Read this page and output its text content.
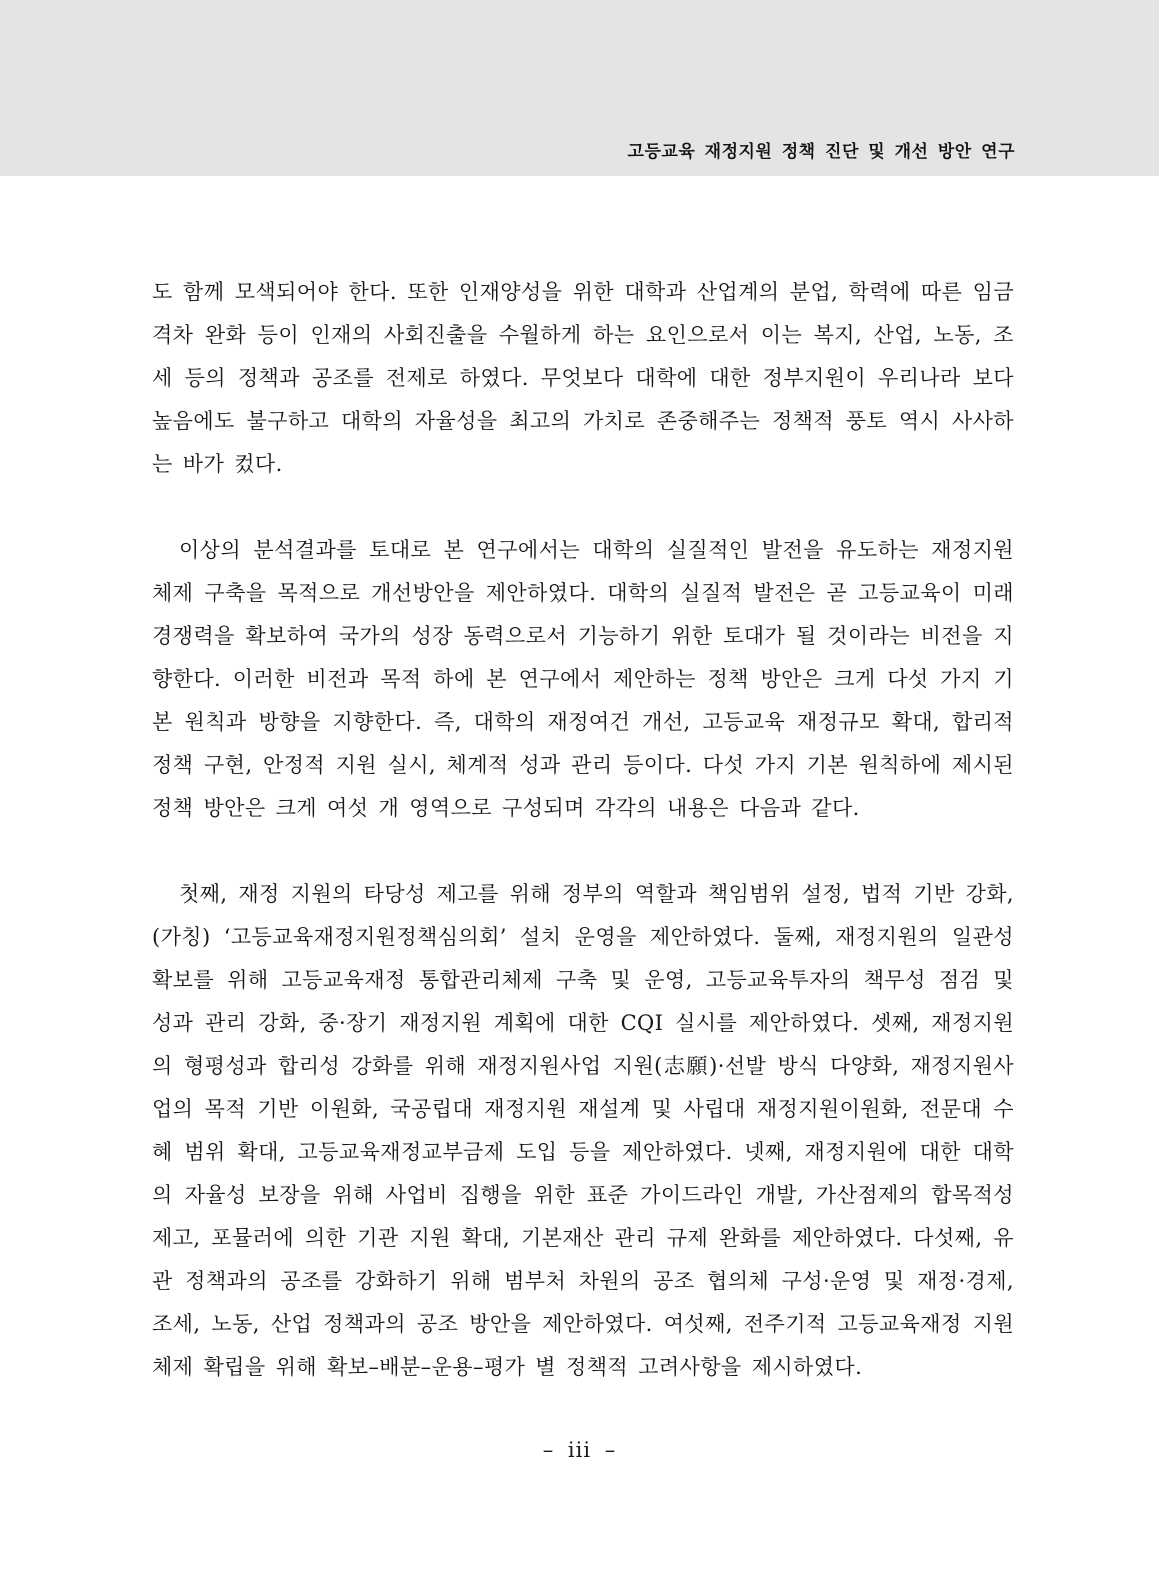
고등교육 재정지원 정책 진단 및 개선 방안 연구

도 함께 모색되어야 한다. 또한 인재양성을 위한 대학과 산업계의 분업, 학력에 따른 임금격차 완화 등이 인재의 사회진출을 수월하게 하는 요인으로서 이는 복지, 산업, 노동, 조세 등의 정책과 공조를 전제로 하였다. 무엇보다 대학에 대한 정부지원이 우리나라 보다 높음에도 불구하고 대학의 자율성을 최고의 가치로 존중해주는 정책적 풍토 역시 사사하는 바가 컸다.

이상의 분석결과를 토대로 본 연구에서는 대학의 실질적인 발전을 유도하는 재정지원 체제 구축을 목적으로 개선방안을 제안하였다. 대학의 실질적 발전은 곧 고등교육이 미래경쟁력을 확보하여 국가의 성장 동력으로서 기능하기 위한 토대가 될 것이라는 비전을 지향한다. 이러한 비전과 목적 하에 본 연구에서 제안하는 정책 방안은 크게 다섯 가지 기본 원칙과 방향을 지향한다. 즉, 대학의 재정여건 개선, 고등교육 재정규모 확대, 합리적 정책 구현, 안정적 지원 실시, 체계적 성과 관리 등이다. 다섯 가지 기본 원칙하에 제시된 정책 방안은 크게 여섯 개 영역으로 구성되며 각각의 내용은 다음과 같다.

첫째, 재정 지원의 타당성 제고를 위해 정부의 역할과 책임범위 설정, 법적 기반 강화, (가칭) ‘고등교육재정지원정책심의회’ 설치 운영을 제안하였다. 둘째, 재정지원의 일관성 확보를 위해 고등교육재정 통합관리체제 구축 및 운영, 고등교육투자의 책무성 점검 및 성과 관리 강화, 중·장기 재정지원 계획에 대한 CQI 실시를 제안하였다. 셋째, 재정지원의 형평성과 합리성 강화를 위해 재정지원사업 지원(志願)·선발 방식 다양화, 재정지원사업의 목적 기반 이원화, 국공립대 재정지원 재설계 및 사립대 재정지원이원화, 전문대 수혜 범위 확대, 고등교육재정교부금제 도입 등을 제안하였다. 넷째, 재정지원에 대한 대학의 자율성 보장을 위해 사업비 집행을 위한 표준 가이드라인 개발, 가산점제의 합목적성 제고, 포뮬러에 의한 기관 지원 확대, 기본재산 관리 규제 완화를 제안하였다. 다섯째, 유관 정책과의 공조를 강화하기 위해 범부처 차원의 공조 협의체 구성·운영 및 재정·경제, 조세, 노동, 산업 정책과의 공조 방안을 제안하였다. 여섯째, 전주기적 고등교육재정 지원 체제 확립을 위해 확보–배분–운용–평가 별 정책적 고려사항을 제시하였다.

– iii –
